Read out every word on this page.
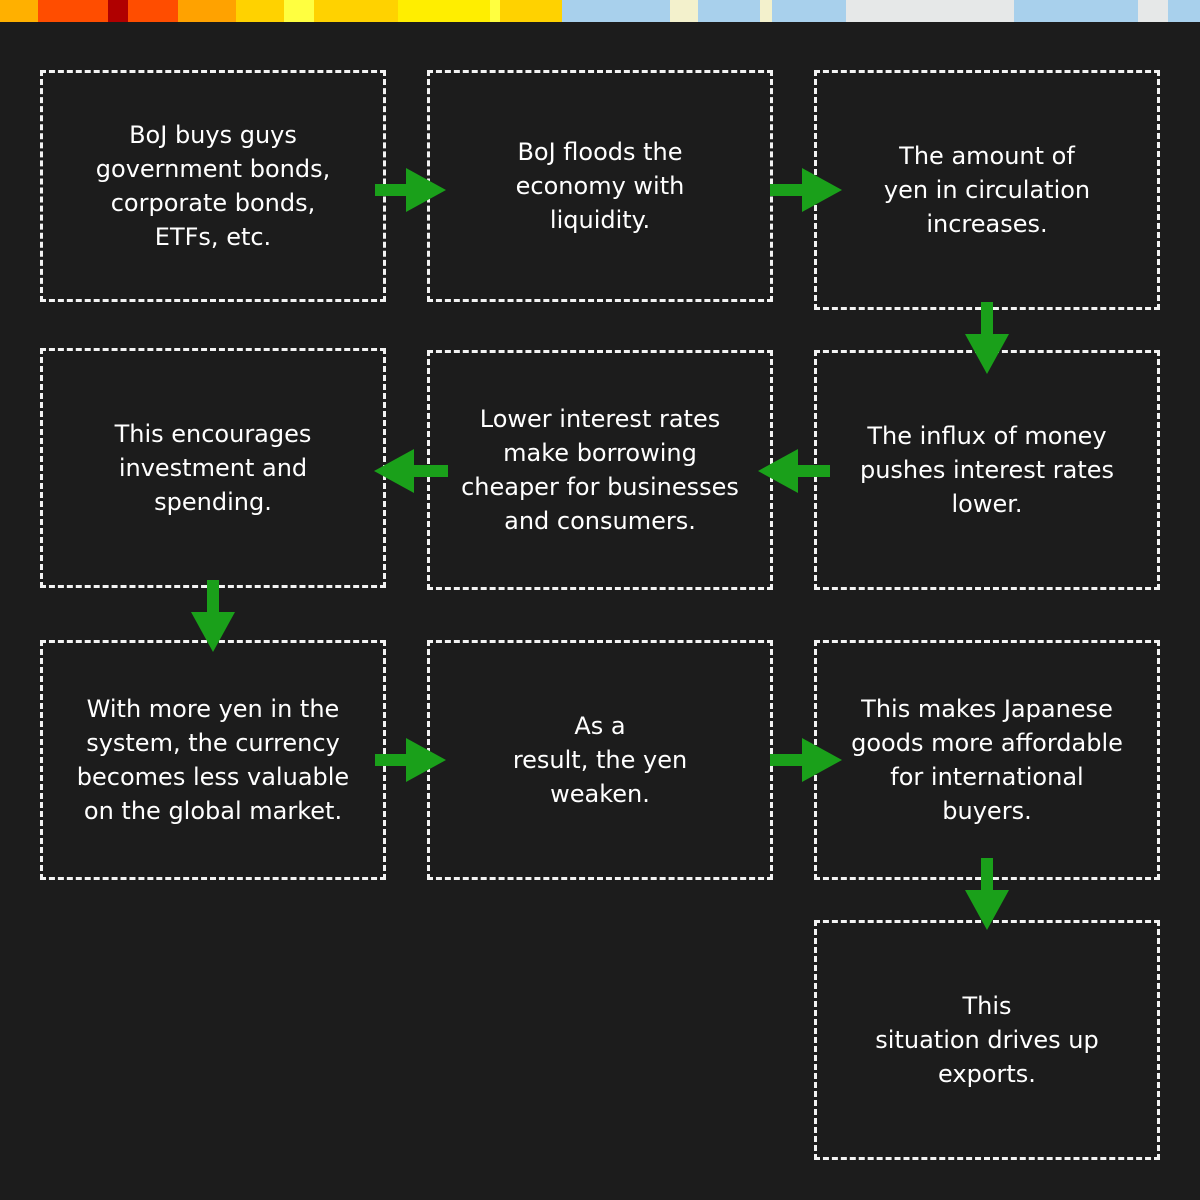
BoJ buys guys
government bonds,
corporate bonds,
ETFs, etc.
BoJ floods the
economy with
liquidity.
The amount of
yen in circulation
increases.
This encourages
investment and
spending.
Lower interest rates
make borrowing
cheaper for businesses
and consumers.
The influx of money
pushes interest rates
lower.
With more yen in the
system, the currency
becomes less valuable
on the global market.
As a
result, the yen
weaken.
This makes Japanese
goods more affordable
for international
buyers.
This
situation drives up
exports.
